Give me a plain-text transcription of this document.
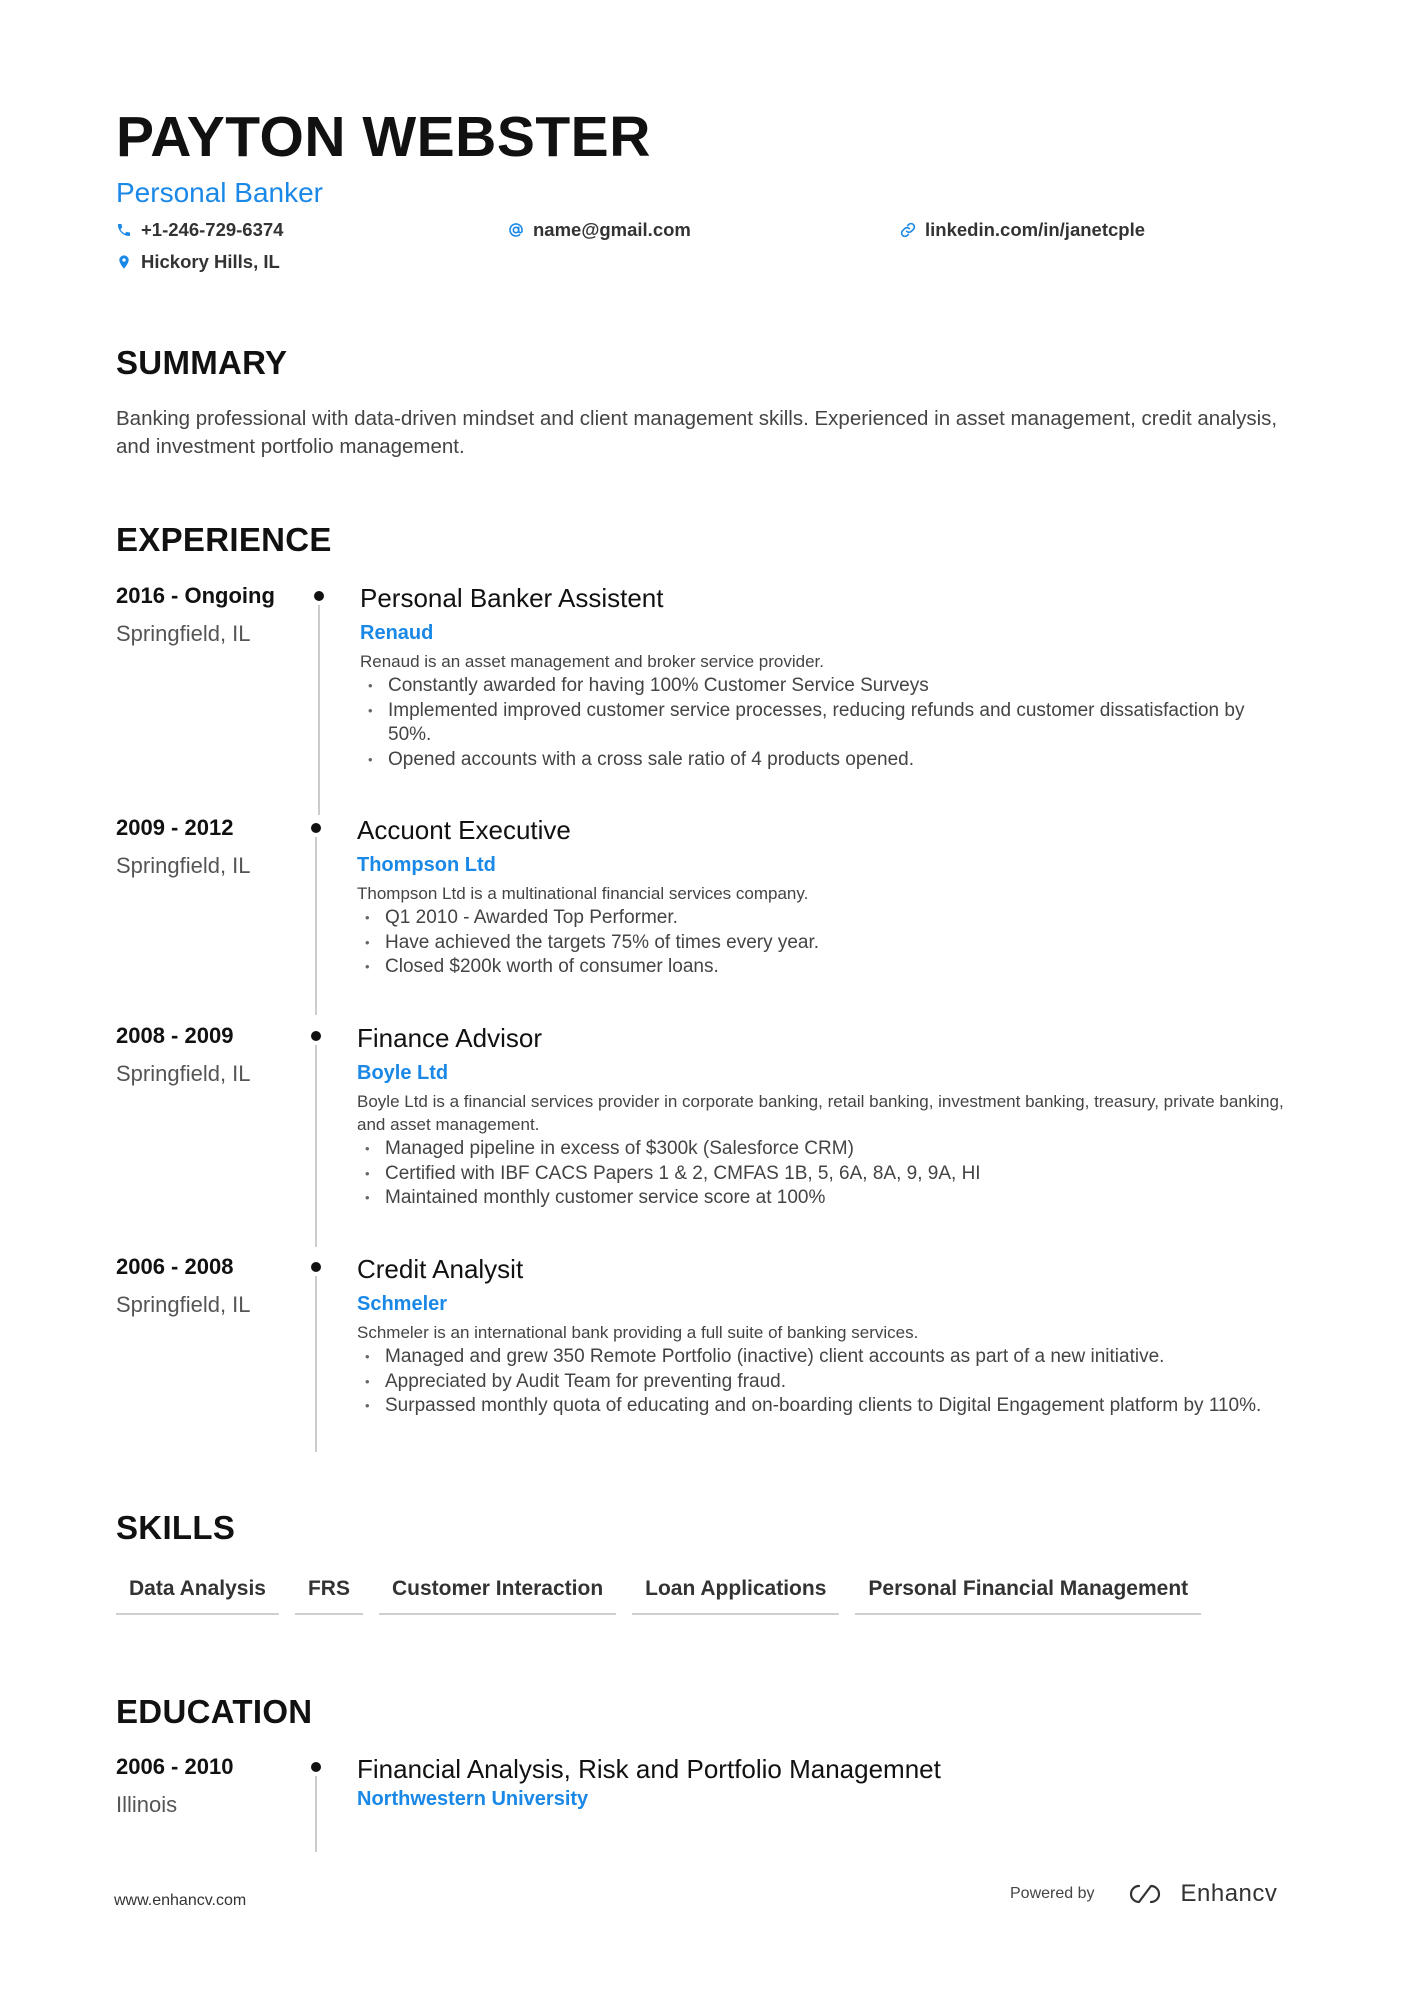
PAYTON WEBSTER
Personal Banker
+1-246-729-6374	name@gmail.com	linkedin.com/in/janetcple
Hickory Hills, IL
SUMMARY
Banking professional with data-driven mindset and client management skills. Experienced in asset management, credit analysis, and investment portfolio management.
EXPERIENCE
2016 - Ongoing
Springfield, IL
Personal Banker Assistent
Renaud
Renaud is an asset management and broker service provider.
• Constantly awarded for having 100% Customer Service Surveys
• Implemented improved customer service processes, reducing refunds and customer dissatisfaction by 50%.
• Opened accounts with a cross sale ratio of 4 products opened.
2009 - 2012
Springfield, IL
Accuont Executive
Thompson Ltd
Thompson Ltd is a multinational financial services company.
• Q1 2010 - Awarded Top Performer.
• Have achieved the targets 75% of times every year.
• Closed $200k worth of consumer loans.
2008 - 2009
Springfield, IL
Finance Advisor
Boyle Ltd
Boyle Ltd is a financial services provider in corporate banking, retail banking, investment banking, treasury, private banking, and asset management.
• Managed pipeline in excess of $300k (Salesforce CRM)
• Certified with IBF CACS Papers 1 & 2, CMFAS 1B, 5, 6A, 8A, 9, 9A, HI
• Maintained monthly customer service score at 100%
2006 - 2008
Springfield, IL
Credit Analysit
Schmeler
Schmeler is an international bank providing a full suite of banking services.
• Managed and grew 350 Remote Portfolio (inactive) client accounts as part of a new initiative.
• Appreciated by Audit Team for preventing fraud.
• Surpassed monthly quota of educating and on-boarding clients to Digital Engagement platform by 110%.
SKILLS
Data Analysis	FRS	Customer Interaction	Loan Applications	Personal Financial Management
EDUCATION
2006 - 2010
Illinois
Financial Analysis, Risk and Portfolio Managemnet
Northwestern University
www.enhancv.com	Powered by	Enhancv
